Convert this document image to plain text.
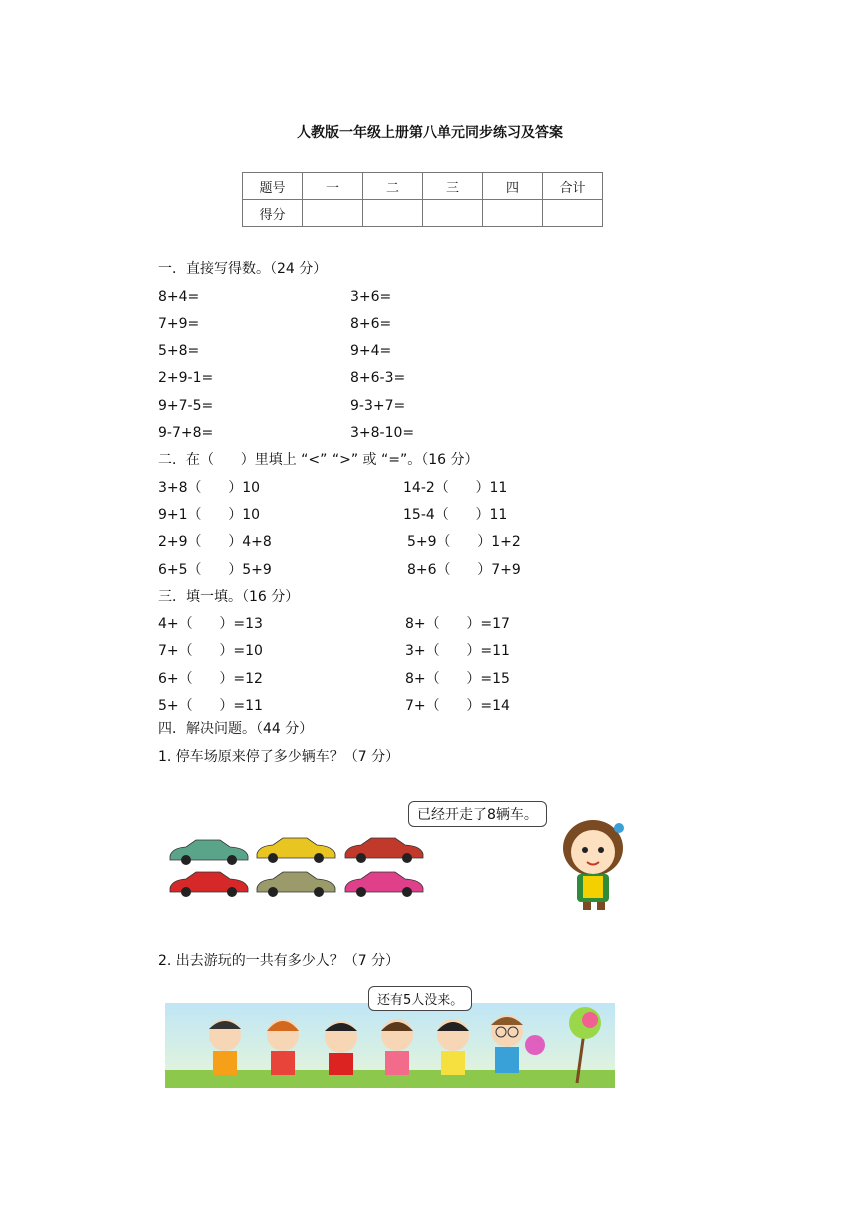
人教版一年级上册第八单元同步练习及答案
题号	一	二	三	四	合计
得分					
一．直接写得数。（24 分）
8+4=	3+6=
7+9=	8+6=
5+8=	9+4=
2+9-1=	8+6-3=
9+7-5=	9-3+7=
9-7+8=	3+8-10=
二．在（      ）里填上 “<” “>” 或 “=”。（16 分）
3+8（      ）10	14-2（      ）11
9+1（      ）10	15-4（      ）11
2+9（      ）4+8	5+9（      ）1+2
6+5（      ）5+9	8+6（      ）7+9
三．填一填。（16 分）
4+（      ）=13	8+（      ）=17
7+（      ）=10	3+（      ）=11
6+（      ）=12	8+（      ）=15
5+（      ）=11	7+（      ）=14
四．解决问题。（44 分）
1. 停车场原来停了多少辆车？（7 分）
已经开走了8辆车。
2. 出去游玩的一共有多少人？（7 分）
还有5人没来。
